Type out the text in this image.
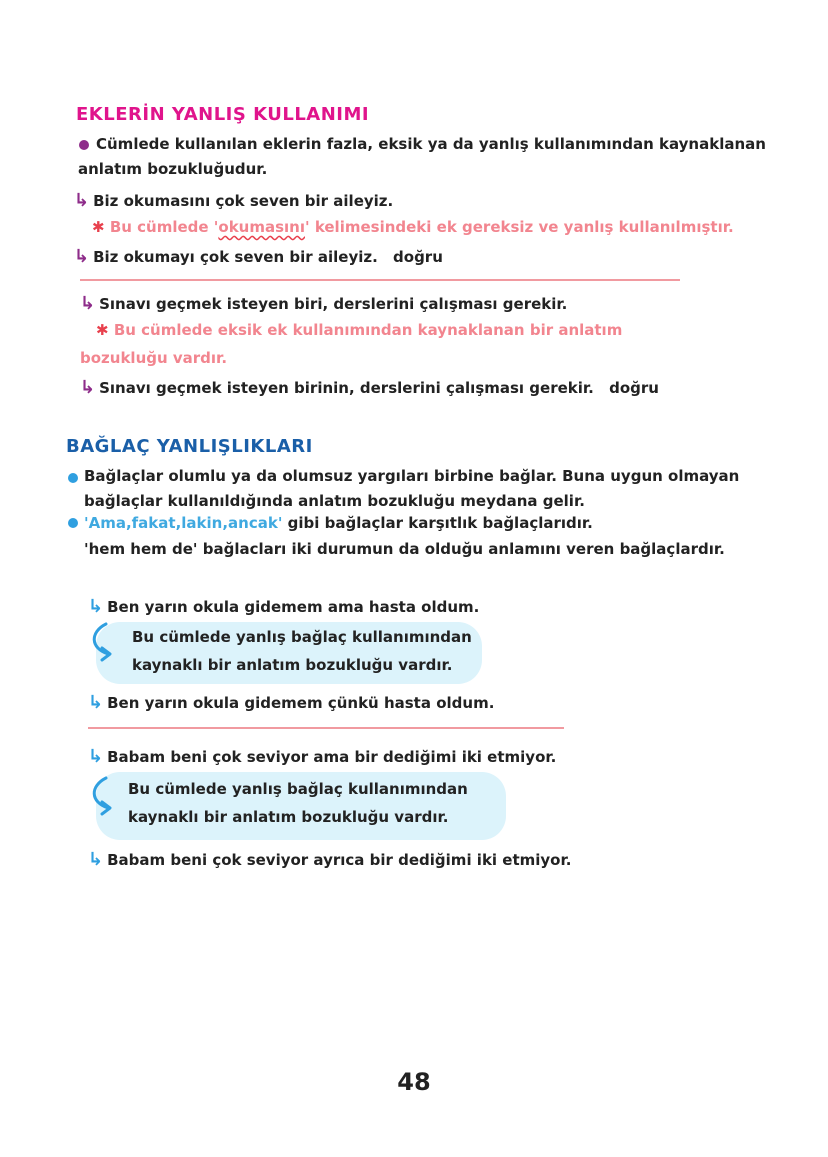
EKLERİN YANLIŞ KULLANIMI
Cümlede kullanılan eklerin fazla, eksik ya da yanlış kullanımından kaynaklanan
anlatım bozukluğudur.
↳ Biz okumasını çok seven bir aileyiz.
✱ Bu cümlede 'okumasını' kelimesindeki ek gereksiz ve yanlış kullanılmıştır.
↳ Biz okumayı çok seven bir aileyiz. doğru
↳ Sınavı geçmek isteyen biri, derslerini çalışması gerekir.
✱ Bu cümlede eksik ek kullanımından kaynaklanan bir anlatım
bozukluğu vardır.
↳ Sınavı geçmek isteyen birinin, derslerini çalışması gerekir. doğru
BAĞLAÇ YANLIŞLIKLARI
Bağlaçlar olumlu ya da olumsuz yargıları birbine bağlar. Buna uygun olmayan
bağlaçlar kullanıldığında anlatım bozukluğu meydana gelir.
'Ama,fakat,lakin,ancak' gibi bağlaçlar karşıtlık bağlaçlarıdır.
'hem hem de' bağlacları iki durumun da olduğu anlamını veren bağlaçlardır.
↳ Ben yarın okula gidemem ama hasta oldum.
Bu cümlede yanlış bağlaç kullanımından
kaynaklı bir anlatım bozukluğu vardır.
↳ Ben yarın okula gidemem çünkü hasta oldum.
↳ Babam beni çok seviyor ama bir dediğimi iki etmiyor.
Bu cümlede yanlış bağlaç kullanımından
kaynaklı bir anlatım bozukluğu vardır.
↳ Babam beni çok seviyor ayrıca bir dediğimi iki etmiyor.
48
